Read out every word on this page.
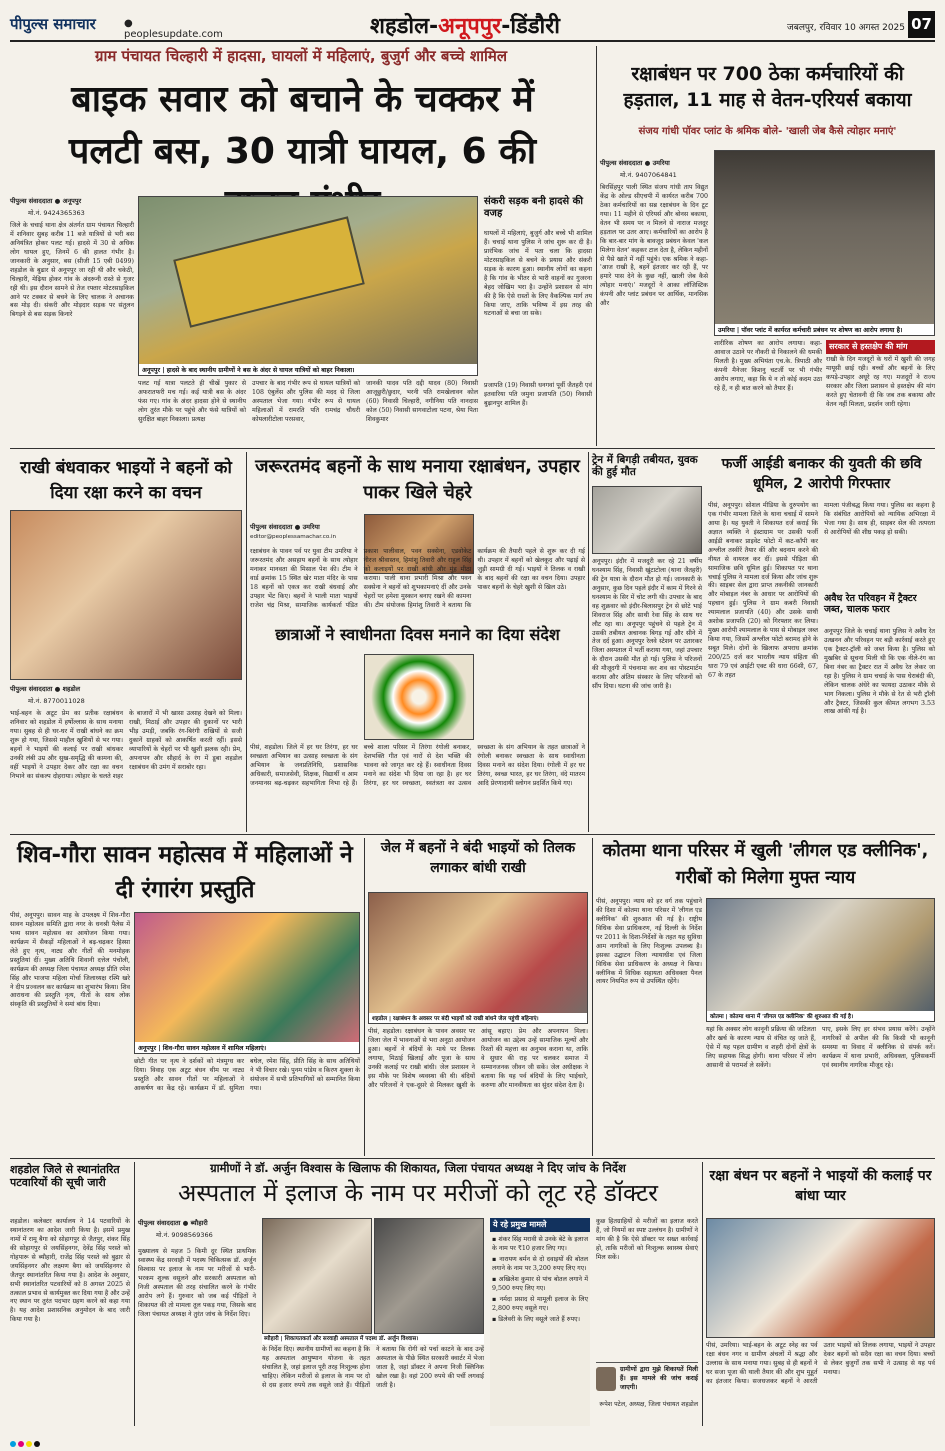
पीपुल्स समाचार	● peoplesupdate.com	शहडोल-अनूपपुर-डिंडौरी	जबलपुर, रविवार 10 अगस्त 2025 07
ग्राम पंचायत चिल्हारी में हादसा, घायलों में महिलाएं, बुजुर्ग और बच्चे शामिल
बाइक सवार को बचाने के चक्कर में पलटी बस, 30 यात्री घायल, 6 की
पीपुल्स संवाददाता ● अनूपपुर
मो.नं. 9424365363
जिले के चचाई थाना क्षेत्र अंतर्गत ग्राम पंचायत चिल्हारी में शनिवार सुबह करीब 11 बजे यात्रियों से भरी बस अनियंत्रित होकर पलट गई। हादसे में 30 से अधिक लोग घायल हुए, जिनमें 6 की हालत गंभीर है। जानकारी के अनुसार, बस (सीजी 15 एबी 0499) शहडोल के बुढार से अनूपपुर जा रही थी और चकेठी, चिल्हारी, मेढ़िया होकर गांव के अंदरूनी रास्ते से गुजर रही थी। इस दौरान सामने से तेज रफ्तार मोटरसाइकिल आने पर टक्कर से बचने के लिए चालक ने अचानक बस मोड़ दी। संकरी और मोड़दार सड़क पर संतुलन बिगड़ने से बस सड़क किनारे
अनूपपुर | हादसे के बाद स्थानीय ग्रामीणों ने बस के अंदर से घायल यात्रियों को बाहर निकाला।
पलट गई यात्रा पलटते ही चीखें पुकार से अफरातफरी मच गई। कई यात्री बस के अंदर फंस गए। गांव के अंदर हादसा होने से स्थानीय लोग तुरंत मौके पर पहुंचे और फंसे यात्रियों को सुरक्षित बाहर निकाला। प्रत्यक्ष
उपचार के बाद गंभीर रूप से घायल यात्रियों को 108 एंबुलेंस और पुलिस की मदद से जिला अस्पताल भेजा गया। गंभीर रूप से घायल महिलाओं में रामरति पति रामचंद्र चौधरी कोयलारीटोला परसवार,
जानकी यादव पति दद्दी यादव (80) निवासी आजूछुरी/छुदार, भरनी पति रामखेलावन कोल (60) निवासी चिल्हारी, नगीनिया पति नानदास कोल (50) निवासी सागवाटोला पटना, श्रेया पिता शिवकुमार
संकरी सड़क बनी हादसे की वजह
घायलों में महिलाएं, बुजुर्ग और बच्चे भी शामिल हैं। चचाई थाना पुलिस ने जांच शुरू कर दी है। प्रारंभिक जांच में पता चला कि हादसा मोटरसाइकिल से बचने के प्रयास और संकरी सड़क के कारण हुआ। स्थानीय लोगों का कहना है कि गांव के भीतर से भारी वाहनों का गुजरना बेहद जोखिम भरा है। उन्होंने प्रशासन से मांग की है कि ऐसे रास्तों के लिए वैकल्पिक मार्ग तय किया जाए, ताकि भविष्य में इस तरह की घटनाओं से बचा जा सके।
प्रजापति (19) निवासी धनगवां पूर्वी जैतहरी एवं इतवारिया पति जमुना प्रजापति (50) निवासी बुढ़ानपुर शामिल हैं।
रक्षाबंधन पर 700 ठेका कर्मचारियों की हड़ताल, 11 माह से वेतन-एरियर्स बकाया
संजय गांधी पॉवर प्लांट के श्रमिक बोले- 'खाली जेब कैसे त्योहार मनाएं'
पीपुल्स संवाददाता ● उमरिया
मो.नं. 9407064841
बिरसिंहपुर पाली स्थित संजय गांधी ताप विद्युत केंद्र के ओल्ड सीएचपी में कार्यरत करीब 700 ठेका कर्मचारियों का सब्र रक्षाबंधन के दिन टूट गया। 11 महीने से एरियर्स और बोनस बकाया, वेतन भी समय पर न मिलने से नाराज मजदूर हड़ताल पर उतर आए। कर्मचारियों का आरोप है कि बार-बार मांग के बावजूद प्रबंधन केवल 'कल मिलेगा वेतन' कहकर टाल देता है, लेकिन महीनों से पैसे खाते में नहीं पहुंचे। एक श्रमिक ने कहा-'आज राखी है, बहनें इंतजार कर रही हैं, पर हमारे पास देने के कुछ नहीं, खाली जेब कैसे त्योहार मनाएं।' मजदूरों ने आका लॉजिस्टिक कंपनी और प्लांट प्रबंधन पर आर्थिक, मानसिक और
उमरिया | पॉवर प्लांट में कार्यरत कर्मचारी प्रबंधन पर शोषण का आरोप लगाया है।
शारीरिक शोषण का आरोप लगाया। कहा-आवाज उठाने पर नौकरी से निकालने की धमकी मिलती है। मुख्य अभियंता एच.के. त्रिपाठी और कंपनी मैनेजर किशनु चटर्जी पर भी गंभीर आरोप लगाए, कहा कि ये न तो कोई कदम उठा रहे हैं, न ही बात करने को तैयार हैं।
सरकार से हस्तक्षेप की मांग
राखी के दिन मजदूरों के घरों में खुशी की जगह मायूसी छाई रही। बच्चों और बहनों के लिए कपड़े-उपहार अधूरे रह गए। मजदूरों ने राज्य सरकार और जिला प्रशासन से हस्तक्षेप की मांग करते हुए चेतावनी दी कि जब तक बकाया और वेतन नहीं मिलता, प्रदर्शन जारी रहेगा।
राखी बंधवाकर भाइयों ने बहनों को दिया रक्षा करने का वचन
पीपुल्स संवाददाता ● शहडोल
मो.नं. 8770011028
भाई-बहन के अटूट प्रेम का प्रतीक रक्षाबंधन शनिवार को शहडोल में हर्षोल्लास के साथ मनाया गया। सुबह से ही घर-घर में राखी बांधने का क्रम शुरू हो गया, जिससे माहौल खुशियों से भर गया। बहनों ने भाइयों की कलाई पर राखी बांधकर उनकी लंबी उम्र और सुख-समृद्धि की कामना की, वहीं भाइयों ने उपहार देकर और रक्षा का वचन निभाने का संकल्प दोहराया। त्योहार के चलते शहर के बाजारों में भी खासा उत्साह देखने को मिला। राखी, मिठाई और उपहार की दुकानों पर भारी भीड़ उमड़ी, जबकि रंग-बिरंगी राखियों से सजी दुकानें ग्राहकों को आकर्षित करती रहीं। इससे व्यापारियों के चेहरों पर भी खुशी झलक रही। प्रेम, अपनापन और सौहार्द के रंग में डूबा शहडोल रक्षाबंधन की उमंग में सराबोर रहा।
जरूरतमंद बहनों के साथ मनाया रक्षाबंधन, उपहार पाकर खिले चेहरे
पीपुल्स संवाददाता ● उमरिया
editor@peoplessamachar.co.in
रक्षाबंधन के पावन पर्व पर युवा टीम उमरिया ने जरूरतमंद और असहाय बहनों के साथ त्योहार मनाकर मानवता की मिसाल पेश की। टीम ने वार्ड क्रमांक 15 स्थित खेर माता मंदिर के पास 18 बहनों को एकत्र कर राखी बंधवाई और उपहार भेंट किए। बहनों ने भाली माता भाइयों राजेश चंद्र मिश्रा, सामाजिक कार्यकर्ता पंडित प्रकाश पालीवाल, पवन सक्सेना, एडवोकेट नीरज श्रीवास्तव, हिमांशु तिवारी और राहुल सिंह को कलाइयों पर राखी बांधी और मुंह मीठा कराया। पाली थाना प्रभारी मिश्रा और पवन सक्सेना ने बहनों को शुभकामनाएं दीं और उनके चेहरों पर हमेशा मुस्कान बनाए रखने की कामना की। टीम संयोजक हिमांशु तिवारी ने बताया कि कार्यक्रम की तैयारी पहले से शुरू कर दी गई थी। उपहार में बहनों को खेलकूद और पढ़ाई से जुड़ी सामग्री दी गई। भाइयों ने तिलक व राखी के बाद बहनों की रक्षा का वचन दिया। उपहार पाकर बहनों के चेहरे खुशी से खिल उठे।
छात्राओं ने स्वाधीनता दिवस मनाने का दिया संदेश
पीसं, शहडोल। जिले में हर घर तिरंगा, हर घर स्वच्छता अभियान का उत्साह स्वच्छता के संग अभियान के जनप्रतिनिधि, प्रशासनिक अधिकारी, समाजसेवी, शिक्षक, विद्यार्थी व आम जनमानस बढ़-चढ़कर सहभागिता निभा रहे हैं। बच्चे शाला परिसर में तिरंगा रंगोली बनाकर, देशभक्ति गीत एवं नारों से देश भक्ति की भावना को जागृत कर रहे हैं। स्वाधीनता दिवस मनाने का संदेश भी दिया जा रहा है। हर घर तिरंगा, हर घर स्वच्छता, स्वतंत्रता का उत्सव स्वच्छता के संग अभियान के तहत छात्राओं ने रंगोली बनाकर स्वच्छता के साथ स्वाधीनता दिवस मनाने का संदेश दिया। रंगोली में हर घर तिरंगा, स्वच्छ भारत, हर घर तिरंगा, वंदे मातरम आदि प्रेरणादायी स्लोगन प्रदर्शित किये गए।
ट्रेन में बिगड़ी तबीयत, युवक की हुई मौत
अनूपपुर। इंदौर में मजदूरी कर रहे 21 वर्षीय घनश्याम सिंह, निवासी खुंटाटोला (थाना जैतहरी) की ट्रेन यात्रा के दौरान मौत हो गई। जानकारी के अनुसार, कुछ दिन पहले इंदौर में काम में गिरने से घनश्याम के सिर में चोट लगी थी। उपचार के बाद वह शुक्रवार को इंदौर-बिलासपुर ट्रेन से छोटे भाई शिवराज सिंह और साथी रेवा सिंह के साथ घर लौट रहा था। अनूपपुर पहुंचने से पहले ट्रेन में उसकी तबीयत अचानक बिगड़ गई और सीने में तेज दर्द हुआ। अनूपपुर रेलवे स्टेशन पर उतारकर जिला अस्पताल में भर्ती कराया गया, जहां उपचार के दौरान उसकी मौत हो गई। पुलिस ने परिजनों की मौजूदगी में पंचनामा कर शव का पोस्टमार्टम कराया और अंतिम संस्कार के लिए परिजनों को सौंप दिया। घटना की जांच जारी है।
फर्जी आईडी बनाकर की युवती की छवि धूमिल, 2 आरोपी गिरफ्तार
पीसं, अनूपपुर। सोशल मीडिया के दुरुपयोग का एक गंभीर मामला जिले के थाना चचाई में सामने आया है। यह युवती ने शिकायत दर्ज कराई कि अज्ञात व्यक्ति ने इंस्टाग्राम पर उसकी फर्जी आईडी बनाकर प्राइवेट फोटो में कट-कॉपी कर अश्लील तस्वीरें तैयार कीं और बदनाम करने की नीयत से वायरल कर दीं। इससे पीड़िता की सामाजिक छवि धूमिल हुई। शिकायत पर थाना चचाई पुलिस ने मामला दर्ज किया और जांच शुरू की। साइबर सेल द्वारा प्राप्त तकनीकी जानकारी और मोबाइल नंबर के आधार पर आरोपियों की पहचान हुई। पुलिस ने ग्राम कबरी निवासी श्यामलाल प्रजापति (40) और उसके साथी अशोक प्रजापति (20) को गिरफ्तार कर लिया। मुख्य आरोपी श्यामलाल के पास से मोबाइल जब्त किया गया, जिसमें अश्लील फोटो बरामद होने के सबूत मिले। दोनों के खिलाफ अपराध क्रमांक 200/25 दर्ज कर भारतीय न्याय संहिता की धारा 79 एवं आईटी एक्ट की धारा 66सी, 67, 67 के तहत
मामला पंजीबद्ध किया गया। पुलिस का कहना है कि संबंधित आरोपियों को न्यायिक अभिरक्षा में भेजा गया है। साथ ही, साइबर सेल की तत्परता से आरोपियों की शीघ्र पकड़ हो सकी।
अवैध रेत परिवहन में ट्रैक्टर जब्त, चालक फरार
अनूपपुर जिले के चचाई थाना पुलिस ने अवैध रेत उत्खनन और परिवहन पर बड़ी कार्रवाई करते हुए एक ट्रैक्टर-ट्रॉली को जब्त किया है। पुलिस को मुखबिर से सूचना मिली थी कि एक नीले-रंग का बिना नंबर का ट्रैक्टर रात में अवैध रेत लेकर जा रहा है। पुलिस ने ग्राम चचाई के पास घेराबंदी की, लेकिन चालक अंधेरे का फायदा उठाकर मौके से भाग निकला। पुलिस ने मौके से रेत से भरी ट्रॉली और ट्रैक्टर, जिसकी कुल कीमत लगभग 3.53 लाख आंकी गई है।
शिव-गौरा सावन महोत्सव में महिलाओं ने दी रंगारंग प्रस्तुति
पीसं, अनूपपुर। सावन माह के उपलक्ष्य में शिव-गौरा सावन महोत्सव समिति द्वारा नगर के धनश्री पैलेस में भव्य सावन महोत्सव का आयोजन किया गया। कार्यक्रम में सैकड़ों महिलाओं ने बढ़-चढ़कर हिस्सा लेते हुए नृत्य, नाट्य और गीतों की मनमोहक प्रस्तुतियां दीं। मुख्य अतिथि शिवानी दत्तेल पंचोली, कार्यक्रम की अध्यक्ष जिला पंचायत अध्यक्ष प्रीति रमेश सिंह और भाजपा महिला मोर्चा जिलाध्यक्ष रश्मि खरे ने दीप प्रज्वलन कर कार्यक्रम का शुभारंभ किया। शिव आराधना की प्रस्तुति नृत्य, गीतों के साथ लोक संस्कृति की प्रस्तुतियों ने समां बांध दिया।
अनूपपुर | शिव-गौरा सावन महोत्सव में शामिल महिलाएं।
छोटी गीत पर नृत्य ने दर्शकों को मंत्रमुग्ध कर दिया। विवाह एक अटूट बंधन थीम पर नाट्य प्रस्तुति और सावन गीतों पर महिलाओं ने आकर्षण का केंद्र रहे। कार्यक्रम में डॉ. सुमिता बघेल, रमेश सिंह, प्रीति सिंह के साथ अतिथियों ने भी विचार रखे। पुनम पांडेय व किरण शुक्ला के संयोजन में सभी प्रतिभागियों को सम्मानित किया गया।
जेल में बहनों ने बंदी भाइयों को तिलक लगाकर बांधी राखी
शहडोल | रक्षाबंधन के अवसर पर बंदी भाइयों को राखी बांधने जेल पहुंची बहिनाएं।
पीसं, शहडोल। रक्षाबंधन के पावन अवसर पर जिला जेल में भावनाओं से भरा अनूठा आयोजन हुआ। बहनों ने बंदियों के माथे पर तिलक लगाया, मिठाई खिलाई और पूजा के साथ उनकी कलाई पर राखी बांधी। जेल प्रशासन ने इस मौके पर विशेष व्यवस्था की थी। बंदियों और परिजनों ने एक-दूसरे से मिलकर खुशी के आंसू बहाए। प्रेम और अपनापन मिला। आयोजन का उद्देश्य उन्हें सामाजिक मूल्यों और रिश्तों की महत्ता का अनुभव कराना था, ताकि वे सुधार की राह पर चलकर समाज में सम्मानजनक जीवन जी सकें। जेल अधीक्षक ने बताया कि यह पर्व बंदियों के लिए भाईचारे, करुणा और मानवीयता का सुंदर संदेश देता है।
कोतमा थाना परिसर में खुली 'लीगल एड क्लीनिक', गरीबों को मिलेगा मुफ्त न्याय
पीसं, अनूपपुर। न्याय को हर वर्ग तक पहुंचाने की दिशा में कोतमा थाना परिसर में 'लीगल एड क्लीनिक' की शुरुआत की गई है। राष्ट्रीय विधिक सेवा प्राधिकरण, नई दिल्ली के निर्देश पर 2011 के दिशा-निर्देशों के तहत यह सुविधा आम नागरिकों के लिए निःशुल्क उपलब्ध है। इसका उद्घाटन जिला न्यायाधीश एवं जिला विधिक सेवा प्राधिकरण के अध्यक्ष ने किया। क्लीनिक में विधिक सहायता अधिवक्ता पैनल लायर नियमित रूप से उपस्थित रहेंगे।
कोतमा | कोतमा थाना में 'लीगल एड क्लीनिक' की शुरुआत की गई है।
यहां कि अक्सर लोग कानूनी प्रक्रिया की जटिलता और खर्च के कारण न्याय से वंचित रह जाते हैं, ऐसे में यह पहल ग्रामीण व शहरी दोनों क्षेत्रों के लिए सहायक सिद्ध होगी। थाना परिसर में लोग आसानी से परामर्श ले सकेंगे।
पाए, इसके लिए हर संभव प्रयास करेंगे। उन्होंने नागरिकों से अपील की कि किसी भी कानूनी समस्या या विवाद में क्लीनिक से संपर्क करें। कार्यक्रम में थाना प्रभारी, अधिवक्ता, पुलिसकर्मी एवं स्थानीय नागरिक मौजूद रहे।
शहडोल जिले से स्थानांतरित पटवारियों की सूची जारी
शहडोल। कलेक्टर कार्यालय ने 14 पटवारियों के स्थानांतरण का आदेश जारी किया है। इसमें प्रमुख नामों में रामू बैगा को सोहागपुर से जैतपुर, शंकर सिंह की सोहागपुर से जयसिंहनगर, देवेंद्र सिंह परस्ते को गोहपारू से ब्यौहारी, राजेंद्र सिंह परस्ते को बुढ़ार से जयसिंहनगर और लक्ष्मण बैगा को जयसिंहनगर से जैतपुर स्थानांतरित किया गया है। आदेश के अनुसार, सभी स्थानांतरित पटवारियों को 8 अगस्त 2025 से तत्काल प्रभाव से कार्यमुक्त कर दिया गया है और उन्हें नए स्थान पर तुरंत पदभार ग्रहण करने को कहा गया है। यह आदेश प्रशासनिक अनुमोदन के बाद जारी किया गया है।
ग्रामीणों ने डॉ. अर्जुन विश्वास के खिलाफ की शिकायत, जिला पंचायत अध्यक्ष ने दिए जांच के निर्देश
अस्पताल में इलाज के नाम पर मरीजों को लूट रहे डॉक्टर
पीपुल्स संवाददाता ● ब्यौहारी
मो.नं. 9098569366
मुख्यालय से महज 5 किमी दूर स्थित प्राथमिक स्वास्थ्य केंद्र सरवाही में पदस्थ चिकित्सक डॉ. अर्जुन विश्वास पर इलाज के नाम पर मरीजों से भारी-भरकम शुल्क वसूलने और सरकारी अस्पताल को निजी अस्पताल की तरह संचालित करने के गंभीर आरोप लगे हैं। गुरुवार को जब कई पीड़ितों ने शिकायत की तो मामला तूल पकड़ गया, जिसके बाद जिला पंचायत अध्यक्ष ने तुरंत जांच के निर्देश दिए।
ब्यौहारी | शिकायतकर्ता और सरवाही अस्पताल में पदस्थ डॉ. अर्जुन विश्वास।
के निर्देश दिए। स्थानीय ग्रामीणों का कहना है कि यह अस्पताल आयुष्मान योजना के तहत संचालित है, जहां इलाज पूरी तरह निःशुल्क होना चाहिए। लेकिन मरीजों से इलाज के नाम पर दो से दस हजार रुपये तक वसूले जाते हैं। पीड़ितों ने बताया कि रोगी को पर्चा काटने के बाद उन्हें अस्पताल के पीछे स्थित सरकारी क्वार्टर में भेजा जाता है, जहां डॉक्टर ने अपना निजी क्लिनिक खोल रखा है। वहां 200 रुपये की पर्ची लगवाई जाती है।
ये रहे प्रमुख मामले
▪ शंकर सिंह मरावी से उनके बेटे के इलाज के नाम पर ₹10 हजार लिए गए।
▪ नारायण बर्मन से दो दवाइयों की बोतल लगाने के नाम पर 3,200 रुपए लिए गए।
▪ अखिलेश कुमार से पांच बोतल लगाने में 9,500 रुपए लिए गए।
▪ नर्मदा प्रसाद से मामूली इलाज के लिए 2,800 रुपए वसूले गए।
▪ डिलेवरी के लिए वसूले जाते हैं रुपए।
कुछ हितग्राहियों से मरीजों का इलाज करते हैं, जो नियमों का स्पष्ट उल्लंघन है। ग्रामीणों ने मांग की है कि ऐसे डॉक्टर पर सख्त कार्रवाई हो, ताकि मरीजों को निःशुल्क स्वास्थ्य सेवाएं मिल सकें।
ग्रामीणों द्वारा मुझे शिकायतें मिली हैं। इस मामले की जांच कराई जाएगी।
रूपेश पटेल, अध्यक्ष, जिला पंचायत शहडोल
रक्षा बंधन पर बहनों ने भाइयों की कलाई पर बांधा प्यार
पीसं, उमरिया। भाई-बहन के अटूट स्नेह का पर्व रक्षा बंधन नगर व ग्रामीण अंचलों में श्रद्धा और उल्लास के साथ मनाया गया। सुबह से ही बहनों ने घर सजा पूजा की थाली तैयार की और शुभ मुहूर्त का इंतजार किया। सजधजकर बहनों ने आरती उतार भाइयों को तिलक लगाया, भाइयों ने उपहार देकर बहनों को सदैव रक्षा का वचन दिया। बच्चों से लेकर बुजुर्गों तक सभी ने उत्साह से यह पर्व मनाया।
